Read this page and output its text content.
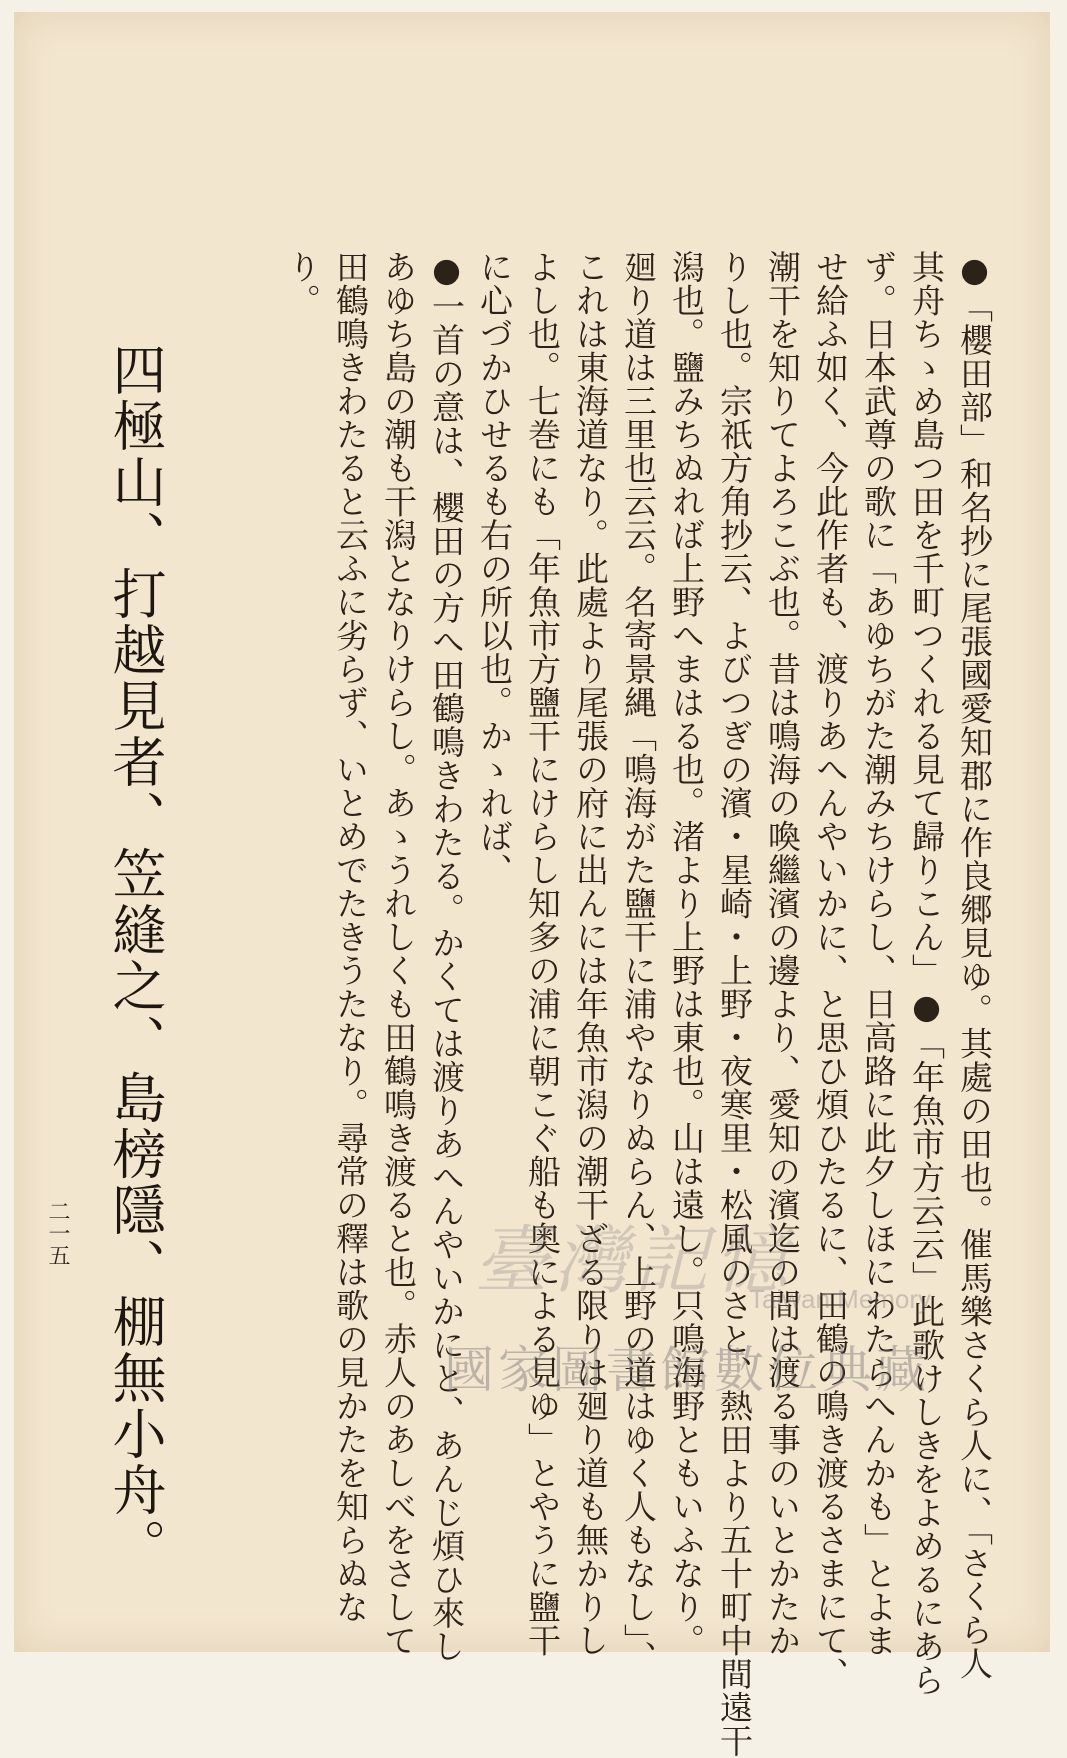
●「櫻田部」和名抄に尾張國愛知郡に作良郷見ゆ。其處の田也。催馬樂さくら人に、「さくら人
其舟ちゝめ島つ田を千町つくれる見て歸りこん」●「年魚市方云云」此歌けしきをよめるにあら
ず。日本武尊の歌に「あゆちがた潮みちけらし、日高路に此夕しほにわたらへんかも」とよま
せ給ふ如く、今此作者も、渡りあへんやいかに、と思ひ煩ひたるに、田鶴の鳴き渡るさまにて、
潮干を知りてよろこぶ也。昔は鳴海の喚繼濱の邊より、愛知の濱迄の間は渡る事のいとかたか
りし也。宗祇方角抄云、よびつぎの濱・星崎・上野・夜寒里・松風のさと、熱田より五十町中間遠干
潟也。鹽みちぬれば上野へまはる也。渚より上野は東也。山は遠し。只鳴海野ともいふなり。
廻り道は三里也云云。名寄景縄「鳴海がた鹽干に浦やなりぬらん、上野の道はゆく人もなし」、
これは東海道なり。此處より尾張の府に出んには年魚市潟の潮干ざる限りは廻り道も無かりし
よし也。七巻にも「年魚市方鹽干にけらし知多の浦に朝こぐ船も奥による見ゆ」とやうに鹽干
に心づかひせるも右の所以也。かゝれば、
●一首の意は、櫻田の方へ田鶴鳴きわたる。かくては渡りあへんやいかにと、あんじ煩ひ來し
あゆち島の潮も干潟となりけらし。あゝうれしくも田鶴鳴き渡ると也。赤人のあしべをさして
田鶴鳴きわたると云ふに劣らず、いとめでたきうたなり。尋常の釋は歌の見かたを知らぬな
り。
四極山、打越見者、笠縫之、島榜隱、棚無小舟。
二一五	臺灣記憶
Taiwan Memory
國家圖書館數位典藏
